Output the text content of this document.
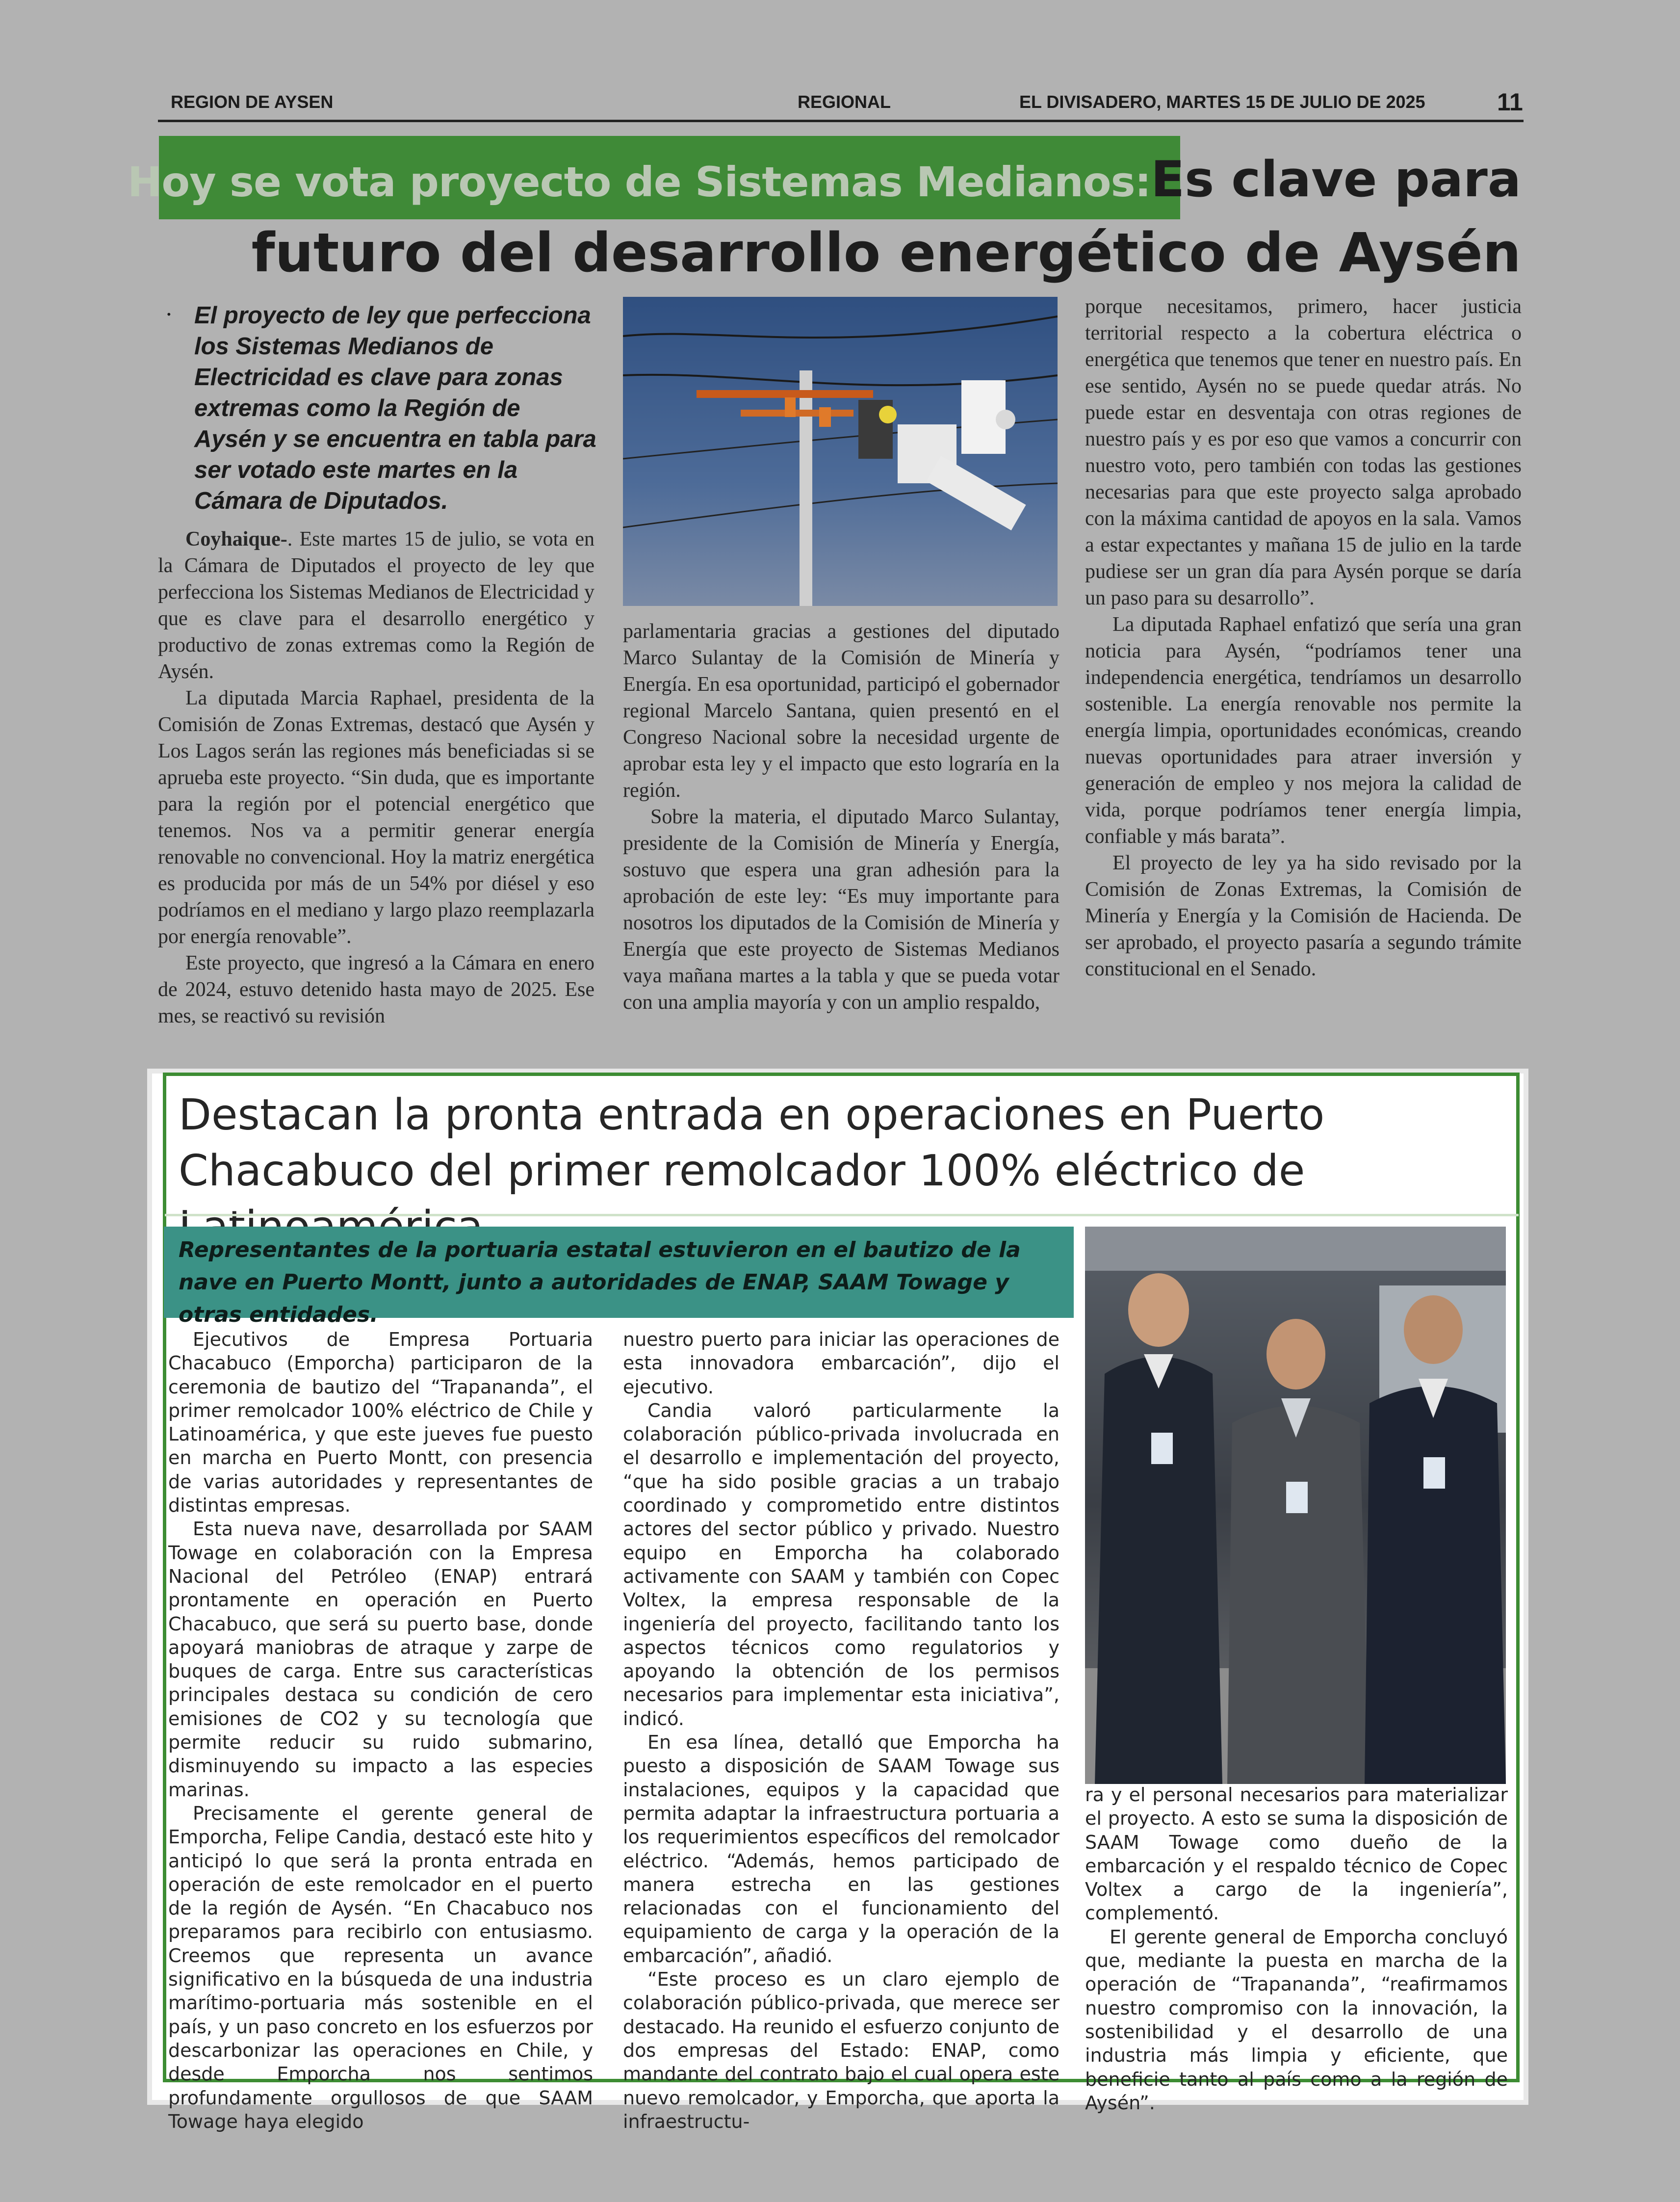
REGION DE AYSEN	REGIONAL	EL DIVISADERO, MARTES 15 DE JULIO DE 2025	11
Hoy se vota proyecto de Sistemas Medianos:Es clave para
futuro del desarrollo energético de Aysén
· El proyecto de ley que perfecciona los Sistemas Medianos de Electricidad es clave para zonas extremas como la Región de Aysén y se encuentra en tabla para ser votado este martes en la Cámara de Diputados.

Coyhaique-. Este martes 15 de julio, se vota en la Cámara de Diputados el proyecto de ley que perfecciona los Sistemas Medianos de Electricidad y que es clave para el desarrollo energético y productivo de zonas extremas como la Región de Aysén.

La diputada Marcia Raphael, presidenta de la Comisión de Zonas Extremas, destacó que Aysén y Los Lagos serán las regiones más beneficiadas si se aprueba este proyecto. “Sin duda, que es importante para la región por el potencial energético que tenemos. Nos va a permitir generar energía renovable no convencional. Hoy la matriz energética es producida por más de un 54% por diésel y eso podríamos en el mediano y largo plazo reemplazarla por energía renovable”.

Este proyecto, que ingresó a la Cámara en enero de 2024, estuvo detenido hasta mayo de 2025. Ese mes, se reactivó su revisión

parlamentaria gracias a gestiones del diputado Marco Sulantay de la Comisión de Minería y Energía. En esa oportunidad, participó el gobernador regional Marcelo Santana, quien presentó en el Congreso Nacional sobre la necesidad urgente de aprobar esta ley y el impacto que esto lograría en la región.

Sobre la materia, el diputado Marco Sulantay, presidente de la Comisión de Minería y Energía, sostuvo que espera una gran adhesión para la aprobación de este ley: “Es muy importante para nosotros los diputados de la Comisión de Minería y Energía que este proyecto de Sistemas Medianos vaya mañana martes a la tabla y que se pueda votar con una amplia mayoría y con un amplio respaldo,

porque necesitamos, primero, hacer justicia territorial respecto a la cobertura eléctrica o energética que tenemos que tener en nuestro país. En ese sentido, Aysén no se puede quedar atrás. No puede estar en desventaja con otras regiones de nuestro país y es por eso que vamos a concurrir con nuestro voto, pero también con todas las gestiones necesarias para que este proyecto salga aprobado con la máxima cantidad de apoyos en la sala. Vamos a estar expectantes y mañana 15 de julio en la tarde pudiese ser un gran día para Aysén porque se daría un paso para su desarrollo”.

La diputada Raphael enfatizó que sería una gran noticia para Aysén, “podríamos tener una independencia energética, tendríamos un desarrollo sostenible. La energía renovable nos permite la energía limpia, oportunidades económicas, creando nuevas oportunidades para atraer inversión y generación de empleo y nos mejora la calidad de vida, porque podríamos tener energía limpia, confiable y más barata”.

El proyecto de ley ya ha sido revisado por la Comisión de Zonas Extremas, la Comisión de Minería y Energía y la Comisión de Hacienda. De ser aprobado, el proyecto pasaría a segundo trámite constitucional en el Senado.

Destacan la pronta entrada en operaciones en Puerto Chacabuco del primer remolcador 100% eléctrico de
Representantes de la portuaria estatal estuvieron en el bautizo de la nave en Puerto Montt, junto a autoridades de ENAP, SAAM Towage y otras entidades.

Ejecutivos de Empresa Portuaria Chacabuco (Emporcha) participaron de la ceremonia de bautizo del “Trapananda”, el primer remolcador 100% eléctrico de Chile y Latinoamérica, y que este jueves fue puesto en marcha en Puerto Montt, con presencia de varias autoridades y representantes de distintas empresas.

Esta nueva nave, desarrollada por SAAM Towage en colaboración con la Empresa Nacional del Petróleo (ENAP) entrará prontamente en operación en Puerto Chacabuco, que será su puerto base, donde apoyará maniobras de atraque y zarpe de buques de carga. Entre sus características principales destaca su condición de cero emisiones de CO2 y su tecnología que permite reducir su ruido submarino, disminuyendo su impacto a las especies marinas.

Precisamente el gerente general de Emporcha, Felipe Candia, destacó este hito y anticipó lo que será la pronta entrada en operación de este remolcador en el puerto de la región de Aysén. “En Chacabuco nos preparamos para recibirlo con entusiasmo. Creemos que representa un avance significativo en la búsqueda de una industria marítimo-portuaria más sostenible en el país, y un paso concreto en los esfuerzos por descarbonizar las operaciones en Chile, y desde Emporcha nos sentimos profundamente orgullosos de que SAAM Towage haya elegido

nuestro puerto para iniciar las operaciones de esta innovadora embarcación”, dijo el ejecutivo.

Candia valoró particularmente la colaboración público-privada involucrada en el desarrollo e implementación del proyecto, “que ha sido posible gracias a un trabajo coordinado y comprometido entre distintos actores del sector público y privado. Nuestro equipo en Emporcha ha colaborado activamente con SAAM y también con Copec Voltex, la empresa responsable de la ingeniería del proyecto, facilitando tanto los aspectos técnicos como regulatorios y apoyando la obtención de los permisos necesarios para implementar esta iniciativa”, indicó.

En esa línea, detalló que Emporcha ha puesto a disposición de SAAM Towage sus instalaciones, equipos y la capacidad que permita adaptar la infraestructura portuaria a los requerimientos específicos del remolcador eléctrico. “Además, hemos participado de manera estrecha en las gestiones relacionadas con el funcionamiento del equipamiento de carga y la operación de la embarcación”, añadió.

“Este proceso es un claro ejemplo de colaboración público-privada, que merece ser destacado. Ha reunido el esfuerzo conjunto de dos empresas del Estado: ENAP, como mandante del contrato bajo el cual opera este nuevo remolcador, y Emporcha, que aporta la infraestructu-

ra y el personal necesarios para materializar el proyecto. A esto se suma la disposición de SAAM Towage como dueño de la embarcación y el respaldo técnico de Copec Voltex a cargo de la ingeniería”, complementó.

El gerente general de Emporcha concluyó que, mediante la puesta en marcha de la operación de “Trapananda”, “reafirmamos nuestro compromiso con la innovación, la sostenibilidad y el desarrollo de una industria más limpia y eficiente, que beneficie tanto al país como a la región de Aysén”.
